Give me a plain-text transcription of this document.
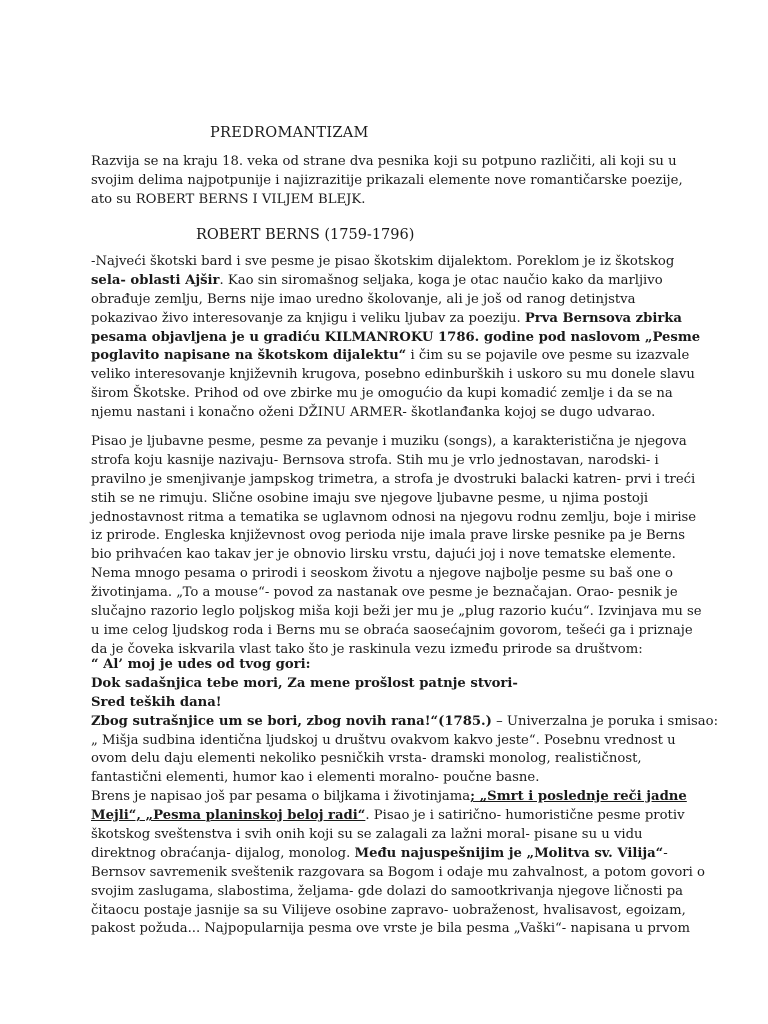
PREDROMANTIZAM
Razvija se na kraju 18. veka od strane dva pesnika koji su potpuno različiti, ali koji su u
svojim delima najpotpunije i najizrazitije prikazali elemente nove romantičarske poezije,
ato su ROBERT BERNS I VILJEM BLEJK.
ROBERT BERNS (1759-1796)
-Najveći škotski bard i sve pesme je pisao škotskim dijalektom. Poreklom je iz škotskog
sela- oblasti Ajšir. Kao sin siromašnog seljaka, koga je otac naučio kako da marljivo
obrađuje zemlju, Berns nije imao uredno školovanje, ali je još od ranog detinjstva
pokazivao živo interesovanje za knjigu i veliku ljubav za poeziju. Prva Bernsova zbirka
pesama objavljena je u gradiću KILMANROKU 1786. godine pod naslovom „Pesme
poglavito napisane na škotskom dijalektu“ i čim su se pojavile ove pesme su izazvale
veliko interesovanje književnih krugova, posebno edinburških i uskoro su mu donele slavu
širom Škotske. Prihod od ove zbirke mu je omogućio da kupi komadić zemlje i da se na
njemu nastani i konačno oženi DŽINU ARMER- škotlanđanka kojoj se dugo udvarao.
Pisao je ljubavne pesme, pesme za pevanje i muziku (songs), a karakteristična je njegova
strofa koju kasnije nazivaju- Bernsova strofa. Stih mu je vrlo jednostavan, narodski- i
pravilno je smenjivanje jampskog trimetra, a strofa je dvostruki balacki katren- prvi i treći
stih se ne rimuju. Slične osobine imaju sve njegove ljubavne pesme, u njima postoji
jednostavnost ritma a tematika se uglavnom odnosi na njegovu rodnu zemlju, boje i mirise
iz prirode. Engleska književnost ovog perioda nije imala prave lirske pesnike pa je Berns
bio prihvaćen kao takav jer je obnovio lirsku vrstu, dajući joj i nove tematske elemente.
Nema mnogo pesama o prirodi i seoskom životu a njegove najbolje pesme su baš one o
životinjama. „To a mouse“- povod za nastanak ove pesme je beznačajan. Orao- pesnik je
slučajno razorio leglo poljskog miša koji beži jer mu je „plug razorio kuću“. Izvinjava mu se
u ime celog ljudskog roda i Berns mu se obraća saosećajnim govorom, tešeći ga i priznaje
da je čoveka iskvarila vlast tako što je raskinula vezu između prirode sa društvom:
“ Al’ moj je udes od tvog gori:
Dok sadašnjica tebe mori, Za mene prošlost patnje stvori-
Sred teških dana!
Zbog sutrašnjice um se bori, zbog novih rana!“(1785.) – Univerzalna je poruka i smisao:
„ Mišja sudbina identična ljudskoj u društvu ovakvom kakvo jeste“. Posebnu vrednost u
ovom delu daju elementi nekoliko pesničkih vrsta- dramski monolog, realističnost,
fantastični elementi, humor kao i elementi moralno- poučne basne.
Brens je napisao još par pesama o biljkama i životinjama; „Smrt i poslednje reči jadne
Mejli“, „Pesma planinskoj beloj radi“. Pisao je i satirično- humoristične pesme protiv
škotskog sveštenstva i svih onih koji su se zalagali za lažni moral- pisane su u vidu
direktnog obraćanja- dijalog, monolog. Među najuspešnijim je „Molitva sv. Vilija“-
Bernsov savremenik sveštenik razgovara sa Bogom i odaje mu zahvalnost, a potom govori o
svojim zaslugama, slabostima, željama- gde dolazi do samootkrivanja njegove ličnosti pa
čitaocu postaje jasnije sa su Vilijeve osobine zapravo- uobraženost, hvalisavost, egoizam,
pakost požuda... Najpopularnija pesma ove vrste je bila pesma „Vaški“- napisana u prvom
